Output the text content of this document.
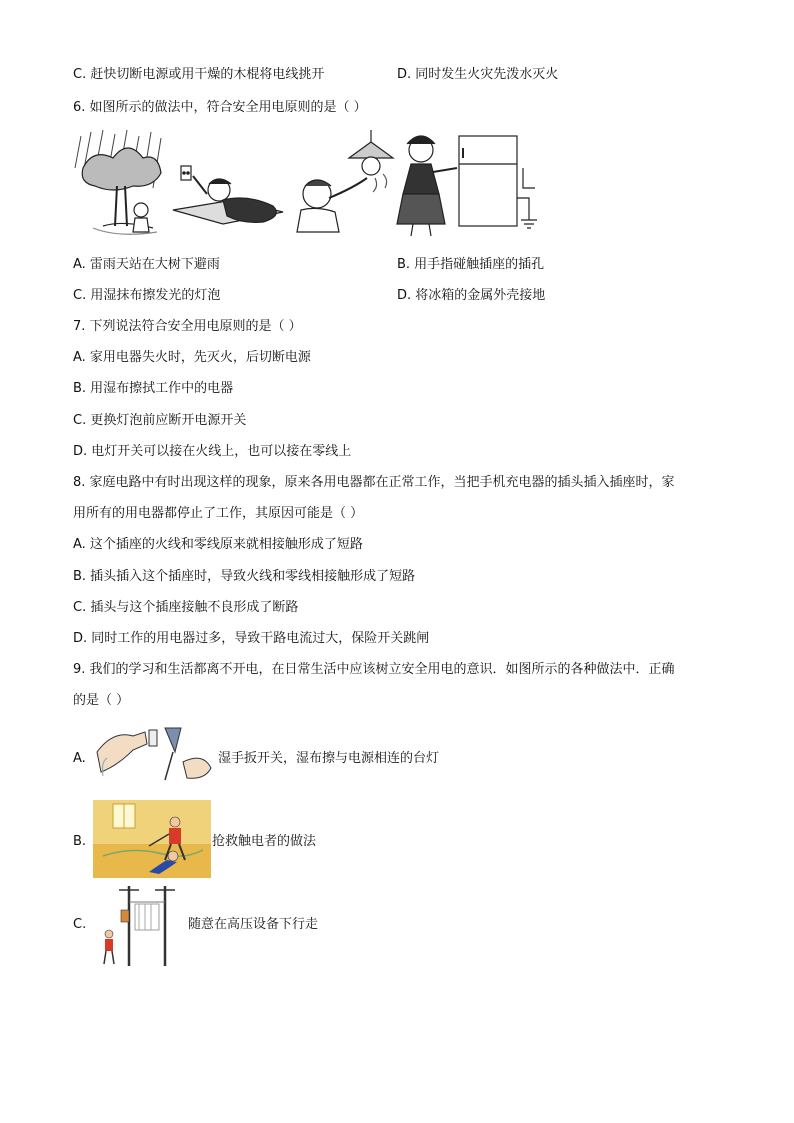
C. 赶快切断电源或用干燥的木棍将电线挑开	D. 同时发生火灾先泼水灭火
6. 如图所示的做法中，符合安全用电原则的是（ ）
A. 雷雨天站在大树下避雨	B. 用手指碰触插座的插孔
C. 用湿抹布擦发光的灯泡	D. 将冰箱的金属外壳接地
7. 下列说法符合安全用电原则的是（ ）
A. 家用电器失火时，先灭火，后切断电源
B. 用湿布擦拭工作中的电器
C. 更换灯泡前应断开电源开关
D. 电灯开关可以接在火线上，也可以接在零线上
8. 家庭电路中有时出现这样的现象，原来各用电器都在正常工作，当把手机充电器的插头插入插座时，家
用所有的用电器都停止了工作，其原因可能是（ ）
A. 这个插座的火线和零线原来就相接触形成了短路
B. 插头插入这个插座时，导致火线和零线相接触形成了短路
C. 插头与这个插座接触不良形成了断路
D. 同时工作的用电器过多，导致干路电流过大，保险开关跳闸
9. 我们的学习和生活都离不开电，在日常生活中应该树立安全用电的意识．如图所示的各种做法中．正确
的是（ ）
A.	湿手扳开关，湿布擦与电源相连的台灯
B.	抢救触电者的做法
C.	随意在高压设备下行走
